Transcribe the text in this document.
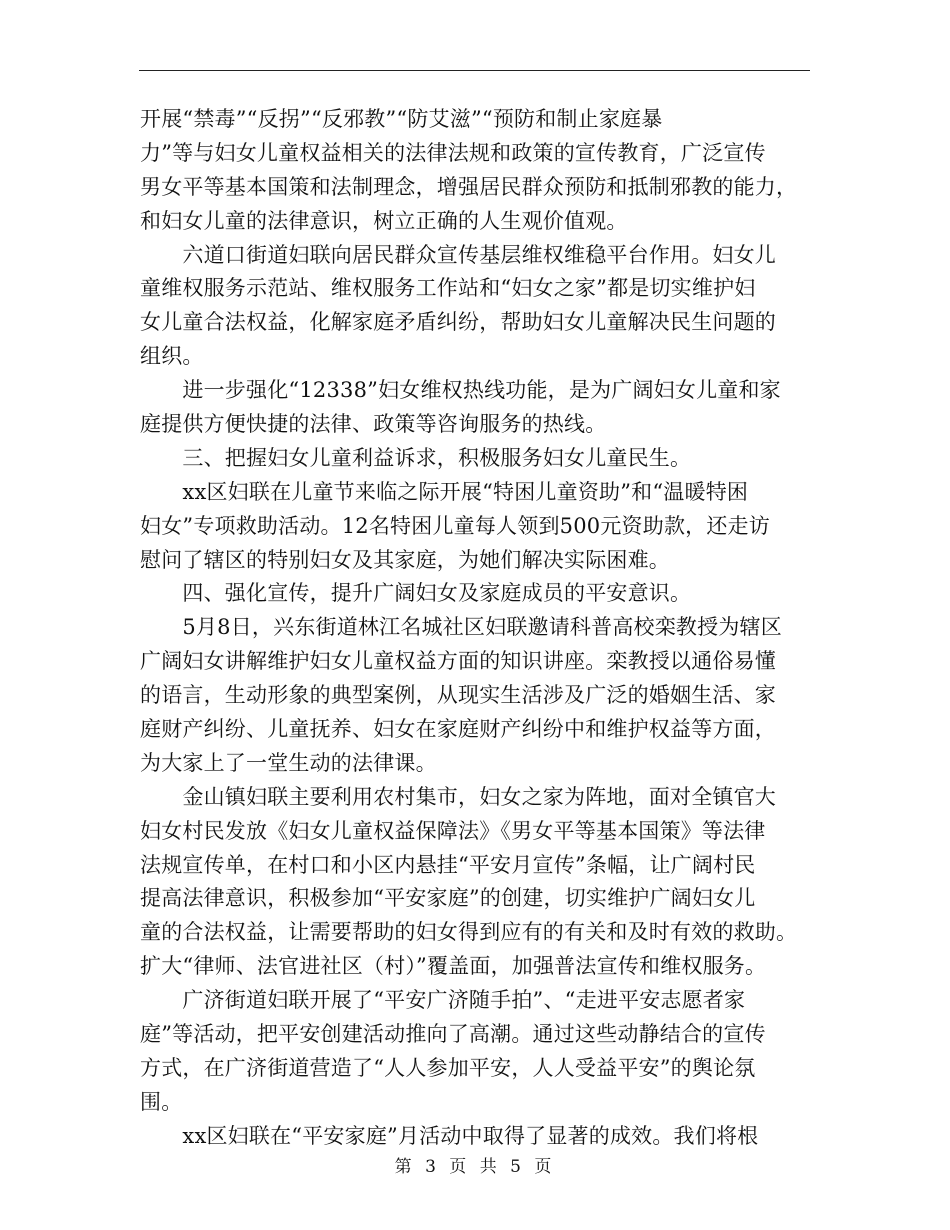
开展“禁毒”“反拐”“反邪教”“防艾滋”“预防和制止家庭暴
力”等与妇女儿童权益相关的法律法规和政策的宣传教育，广泛宣传
男女平等基本国策和法制理念，增强居民群众预防和抵制邪教的能力，
和妇女儿童的法律意识，树立正确的人生观价值观。
　　六道口街道妇联向居民群众宣传基层维权维稳平台作用。妇女儿
童维权服务示范站、维权服务工作站和“妇女之家”都是切实维护妇
女儿童合法权益，化解家庭矛盾纠纷，帮助妇女儿童解决民生问题的
组织。
　　进一步强化“12338”妇女维权热线功能，是为广阔妇女儿童和家
庭提供方便快捷的法律、政策等咨询服务的热线。
　　三、把握妇女儿童利益诉求，积极服务妇女儿童民生。
　　xx区妇联在儿童节来临之际开展“特困儿童资助”和“温暖特困
妇女”专项救助活动。12名特困儿童每人领到500元资助款，还走访
慰问了辖区的特别妇女及其家庭，为她们解决实际困难。
　　四、强化宣传，提升广阔妇女及家庭成员的平安意识。
　　5月8日，兴东街道林江名城社区妇联邀请科普高校栾教授为辖区
广阔妇女讲解维护妇女儿童权益方面的知识讲座。栾教授以通俗易懂
的语言，生动形象的典型案例，从现实生活涉及广泛的婚姻生活、家
庭财产纠纷、儿童抚养、妇女在家庭财产纠纷中和维护权益等方面，
为大家上了一堂生动的法律课。
　　金山镇妇联主要利用农村集市，妇女之家为阵地，面对全镇官大
妇女村民发放《妇女儿童权益保障法》《男女平等基本国策》等法律
法规宣传单，在村口和小区内悬挂“平安月宣传”条幅，让广阔村民
提高法律意识，积极参加“平安家庭”的创建，切实维护广阔妇女儿
童的合法权益，让需要帮助的妇女得到应有的有关和及时有效的救助。
扩大“律师、法官进社区（村）”覆盖面，加强普法宣传和维权服务。
　　广济街道妇联开展了“平安广济随手拍”、“走进平安志愿者家
庭”等活动，把平安创建活动推向了高潮。通过这些动静结合的宣传
方式，在广济街道营造了“人人参加平安，人人受益平安”的舆论氛
围。
　　xx区妇联在“平安家庭”月活动中取得了显著的成效。我们将根
第 3 页 共 5 页
